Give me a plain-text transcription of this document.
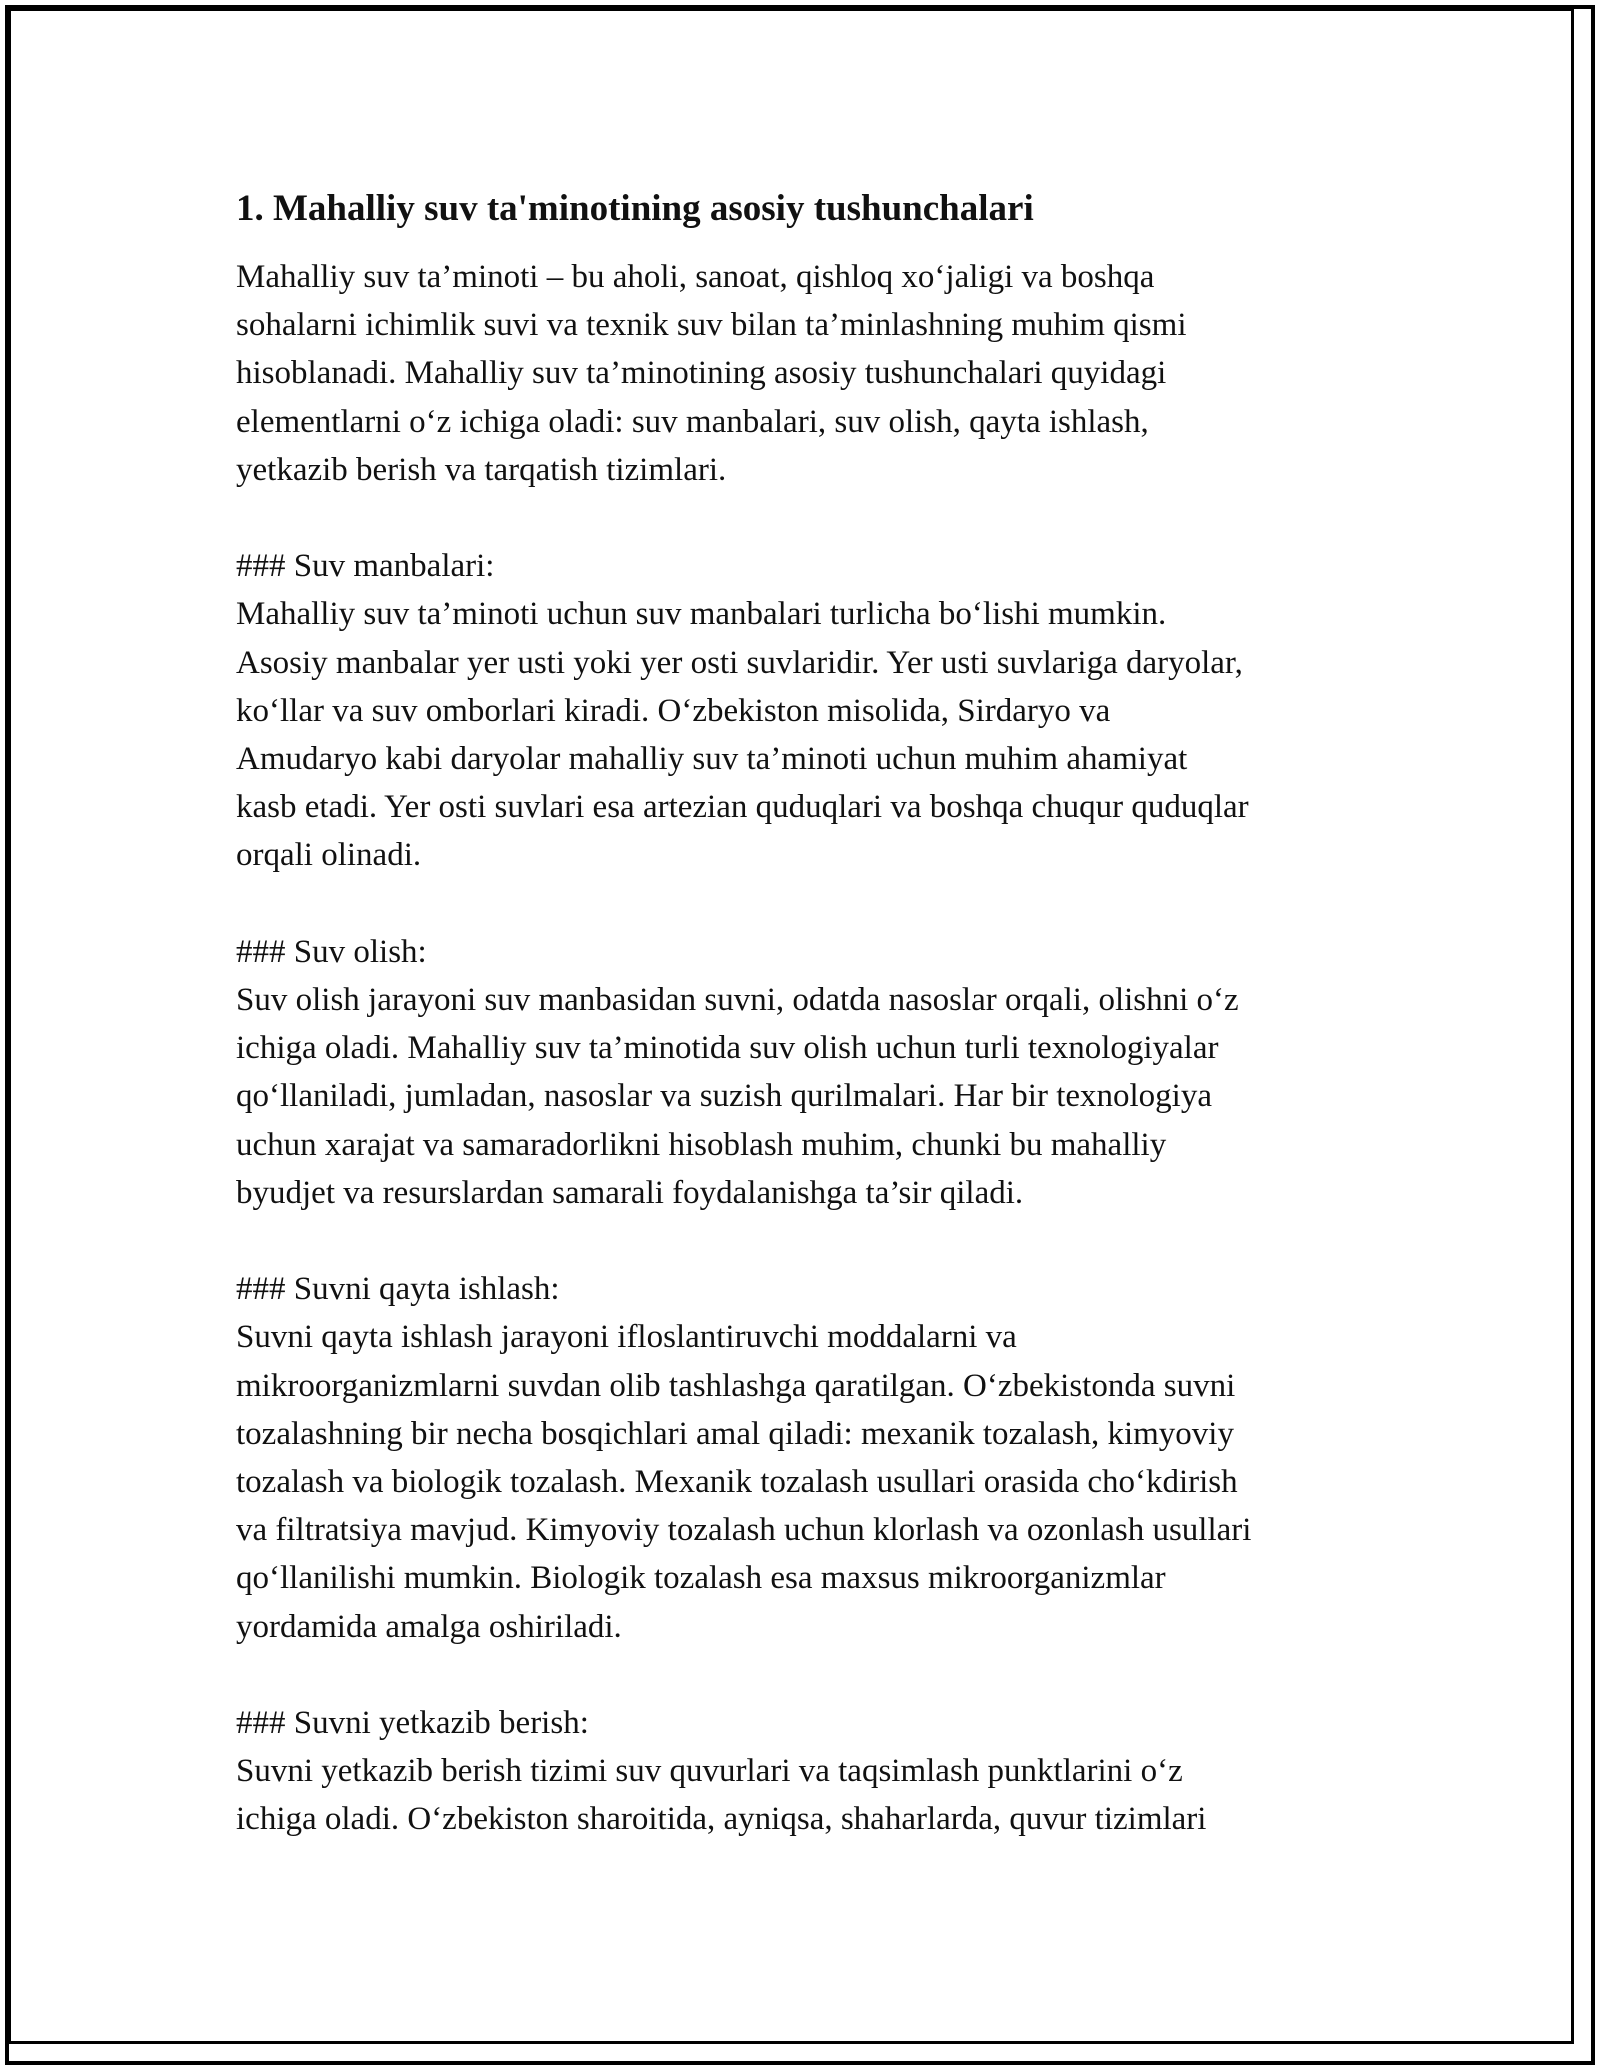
1. Mahalliy suv ta'minotining asosiy tushunchalari
Mahalliy suv ta’minoti – bu aholi, sanoat, qishloq xoʻjaligi va boshqa
sohalarni ichimlik suvi va texnik suv bilan ta’minlashning muhim qismi
hisoblanadi. Mahalliy suv ta’minotining asosiy tushunchalari quyidagi
elementlarni oʻz ichiga oladi: suv manbalari, suv olish, qayta ishlash,
yetkazib berish va tarqatish tizimlari.
### Suv manbalari:
Mahalliy suv ta’minoti uchun suv manbalari turlicha boʻlishi mumkin.
Asosiy manbalar yer usti yoki yer osti suvlaridir. Yer usti suvlariga daryolar,
koʻllar va suv omborlari kiradi. Oʻzbekiston misolida, Sirdaryo va
Amudaryo kabi daryolar mahalliy suv ta’minoti uchun muhim ahamiyat
kasb etadi. Yer osti suvlari esa artezian quduqlari va boshqa chuqur quduqlar
orqali olinadi.
### Suv olish:
Suv olish jarayoni suv manbasidan suvni, odatda nasoslar orqali, olishni oʻz
ichiga oladi. Mahalliy suv ta’minotida suv olish uchun turli texnologiyalar
qoʻllaniladi, jumladan, nasoslar va suzish qurilmalari. Har bir texnologiya
uchun xarajat va samaradorlikni hisoblash muhim, chunki bu mahalliy
byudjet va resurslardan samarali foydalanishga ta’sir qiladi.
### Suvni qayta ishlash:
Suvni qayta ishlash jarayoni ifloslantiruvchi moddalarni va
mikroorganizmlarni suvdan olib tashlashga qaratilgan. Oʻzbekistonda suvni
tozalashning bir necha bosqichlari amal qiladi: mexanik tozalash, kimyoviy
tozalash va biologik tozalash. Mexanik tozalash usullari orasida choʻkdirish
va filtratsiya mavjud. Kimyoviy tozalash uchun klorlash va ozonlash usullari
qoʻllanilishi mumkin. Biologik tozalash esa maxsus mikroorganizmlar
yordamida amalga oshiriladi.
### Suvni yetkazib berish:
Suvni yetkazib berish tizimi suv quvurlari va taqsimlash punktlarini oʻz
ichiga oladi. Oʻzbekiston sharoitida, ayniqsa, shaharlarda, quvur tizimlari
